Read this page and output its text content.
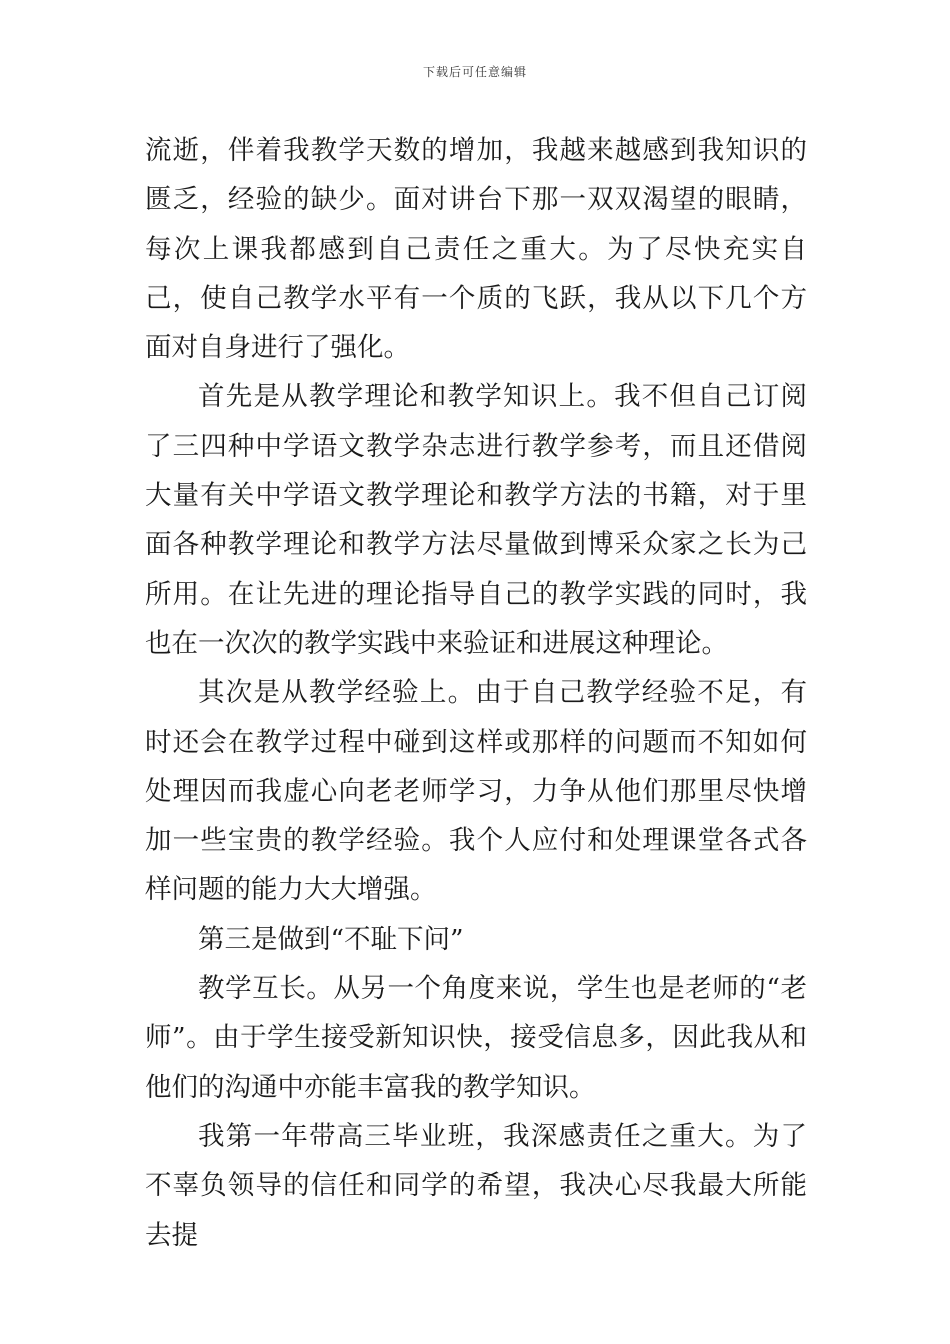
下载后可任意编辑

流逝，伴着我教学天数的增加，我越来越感到我知识的匮乏，经验的缺少。面对讲台下那一双双渴望的眼睛，每次上课我都感到自己责任之重大。为了尽快充实自己，使自己教学水平有一个质的飞跃，我从以下几个方面对自身进行了强化。

首先是从教学理论和教学知识上。我不但自己订阅了三四种中学语文教学杂志进行教学参考，而且还借阅大量有关中学语文教学理论和教学方法的书籍，对于里面各种教学理论和教学方法尽量做到博采众家之长为己所用。在让先进的理论指导自己的教学实践的同时，我也在一次次的教学实践中来验证和进展这种理论。

其次是从教学经验上。由于自己教学经验不足，有时还会在教学过程中碰到这样或那样的问题而不知如何处理因而我虚心向老老师学习，力争从他们那里尽快增加一些宝贵的教学经验。我个人应付和处理课堂各式各样问题的能力大大增强。

第三是做到“不耻下问”

教学互长。从另一个角度来说，学生也是老师的“老师”。由于学生接受新知识快，接受信息多，因此我从和他们的沟通中亦能丰富我的教学知识。

我第一年带高三毕业班，我深感责任之重大。为了不辜负领导的信任和同学的希望，我决心尽我最大所能去提
